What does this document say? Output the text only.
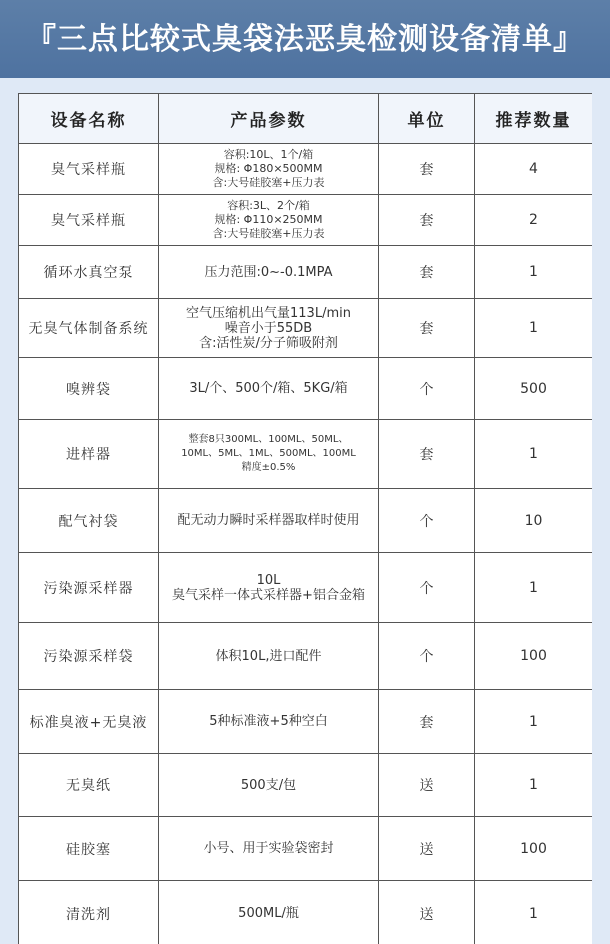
『三点比较式臭袋法恶臭检测设备清单』
设备名称	产品参数	单位	推荐数量
臭气采样瓶	容积:10L、1个/箱
规格: Φ180×500MM
含:大号硅胶塞+压力表	套	4
臭气采样瓶	容积:3L、2个/箱
规格: Φ110×250MM
含:大号硅胶塞+压力表	套	2
循环水真空泵	压力范围:0~-0.1MPA	套	1
无臭气体制备系统	空气压缩机出气量113L/min
噪音小于55DB
含:活性炭/分子筛吸附剂	套	1
嗅辨袋	3L/个、500个/箱、5KG/箱	个	500
进样器	整套8只300ML、100ML、50ML、
10ML、5ML、1ML、500ML、100ML
精度±0.5%	套	1
配气衬袋	配无动力瞬时采样器取样时使用	个	10
污染源采样器	10L
臭气采样一体式采样器+铝合金箱	个	1
污染源采样袋	体积10L,进口配件	个	100
标准臭液+无臭液	5种标准液+5种空白	套	1
无臭纸	500支/包	送	1
硅胶塞	小号、用于实验袋密封	送	100
清洗剂	500ML/瓶	送	1
